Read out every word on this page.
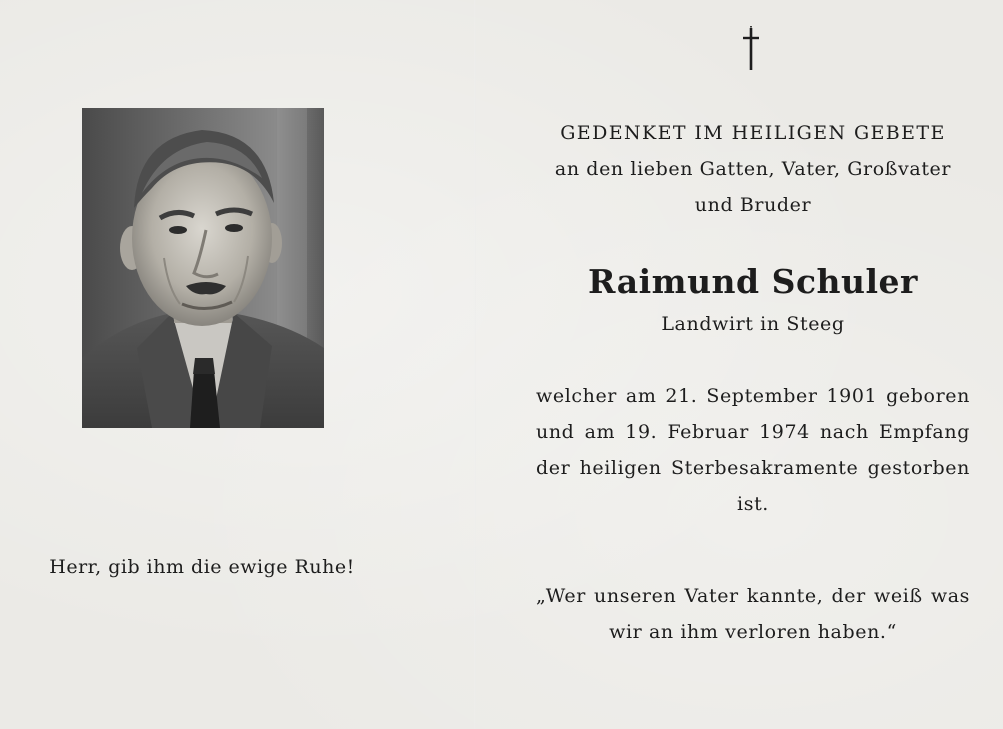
Herr, gib ihm die ewige Ruhe!
GEDENKET IM HEILIGEN GEBETE
an den lieben Gatten, Vater, Großvater
und Bruder
Raimund Schuler
Landwirt in Steeg
welcher am 21. September 1901 geboren
und am 19. Februar 1974 nach Empfang
der heiligen Sterbesakramente gestorben
ist.
„Wer unseren Vater kannte, der weiß was
wir an ihm verloren haben.“
